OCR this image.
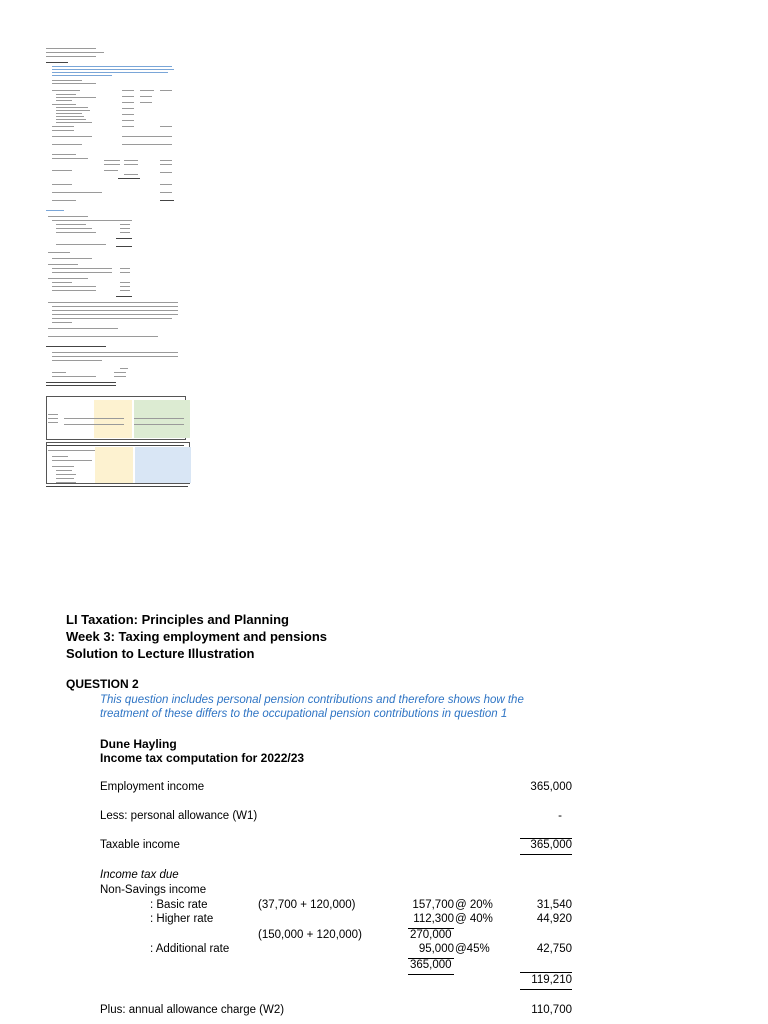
LI Taxation: Principles and Planning
Week 3: Taxing employment and pensions
Solution to Lecture Illustration
QUESTION 2
This question includes personal pension contributions and therefore shows how the
treatment of these differs to the occupational pension contributions in question 1
Dune Hayling
Income tax computation for 2022/23
Employment income	365,000
Less: personal allowance (W1)	-
Taxable income	365,000
Income tax due
Non-Savings income
: Basic rate	(37,700 + 120,000)	157,700 @ 20%	31,540
: Higher rate	112,300 @ 40%	44,920
(150,000 + 120,000)	270,000
: Additional rate	95,000 @45%	42,750
365,000
119,210
Plus: annual allowance charge (W2)	110,700
